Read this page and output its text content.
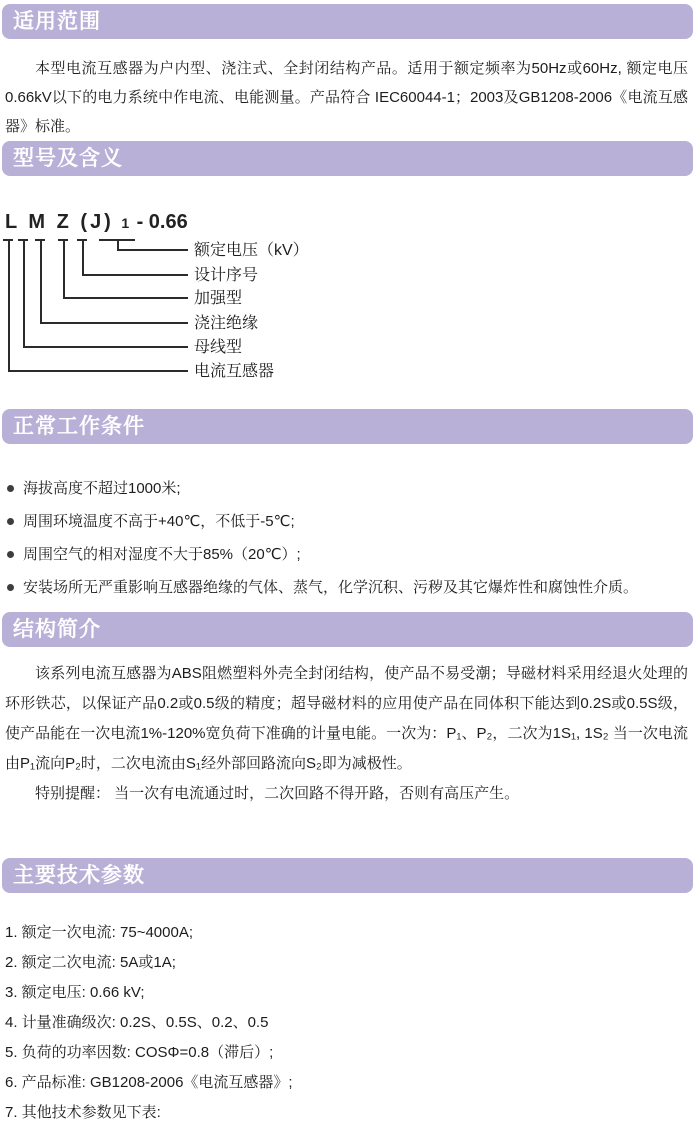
适用范围

本型电流互感器为户内型、浇注式、全封闭结构产品。适用于额定频率为50Hz或60Hz, 额定电压0.66kV以下的电力系统中作电流、电能测量。产品符合 IEC60044-1；2003及GB1208-2006《电流互感器》标准。

型号及含义
L M Z (J) 1 - 0.66
额定电压（kV）
设计序号
加强型
浇注绝缘
母线型
电流互感器
正常工作条件
海拔高度不超过1000米;
周围环境温度不高于+40℃，不低于-5℃;
周围空气的相对湿度不大于85%（20℃）;
安装场所无严重影响互感器绝缘的气体、蒸气，化学沉积、污秽及其它爆炸性和腐蚀性介质。
结构简介

该系列电流互感器为ABS阻燃塑料外壳全封闭结构，使产品不易受潮；导磁材料采用经退火处理的环形铁芯，以保证产品0.2或0.5级的精度；超导磁材料的应用使产品在同体积下能达到0.2S或0.5S级，使产品能在一次电流1%-120%宽负荷下准确的计量电能。一次为：P₁、P₂，二次为1S₁, 1S₂ 当一次电流由P₁流向P₂时，二次电流由S₁经外部回路流向S₂即为减极性。

特别提醒： 当一次有电流通过时，二次回路不得开路，否则有高压产生。

主要技术参数

1. 额定一次电流: 75~4000A;

2. 额定二次电流: 5A或1A;

3. 额定电压: 0.66 kV;

4. 计量准确级次: 0.2S、0.5S、0.2、0.5

5. 负荷的功率因数: COSΦ=0.8（滞后）;

6. 产品标准: GB1208-2006《电流互感器》;

7. 其他技术参数见下表:
